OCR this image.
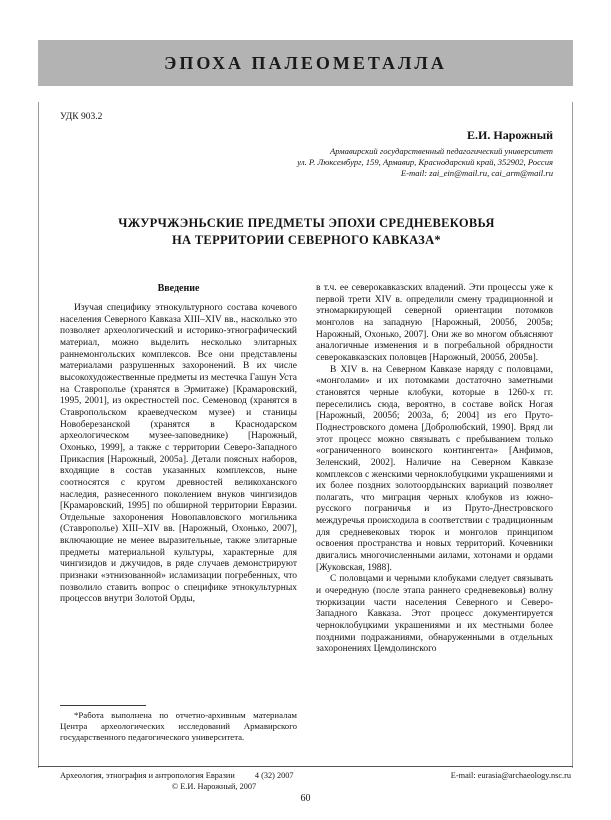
ЭПОХА ПАЛЕОМЕТАЛЛА
УДК 903.2
Е.И. Нарожный
Армавирский государственный педагогический университет
ул. Р. Люксембург, 159, Армавир, Краснодарский край, 352902, Россия
E-mail: zai_ein@mail.ru, cai_arm@mail.ru
ЧЖУРЧЖЭНЬСКИЕ ПРЕДМЕТЫ ЭПОХИ СРЕДНЕВЕКОВЬЯ
НА ТЕРРИТОРИИ СЕВЕРНОГО КАВКАЗА*
Введение

Изучая специфику этнокультурного состава кочевого населения Северного Кавказа XIII–XIV вв., насколько это позволяет археологический и историко-этнографический материал, можно выделить несколько элитарных раннемонгольских комплексов. Все они представлены материалами разрушенных захоронений. В их числе высокохудожественные предметы из местечка Гашун Уста на Ставрополье (хранятся в Эрмитаже) [Крамаровский, 1995, 2001], из окрестностей пос. Семеновод (хранятся в Ставропольском краеведческом музее) и станицы Новоберезанской (хранятся в Краснодарском археологическом музее-заповеднике) [Нарожный, Охонько, 1999], а также с территории Северо-Западного Прикаспия [Нарожный, 2005а]. Детали поясных наборов, входящие в состав указанных комплексов, ныне соотносятся с кругом древностей великоханского наследия, разнесенного поколением внуков чингизидов [Крамаровский, 1995] по обширной территории Евразии. Отдельные захоронения Новопавловского могильника (Ставрополье) XIII–XIV вв. [Нарожный, Охонько, 2007], включающие не менее выразительные, также элитарные предметы материальной культуры, характерные для чингизидов и джучидов, в ряде случаев демонстрируют признаки «этнизованной» исламизации погребенных, что позволило ставить вопрос о специфике этнокультурных процессов внутри Золотой Орды,

*Работа выполнена по отчетно-архивным материалам Центра археологических исследований Армавирского государственного педагогического университета.

в т.ч. ее северокавказских владений. Эти процессы уже к первой трети XIV в. определили смену традиционной и этномаркирующей северной ориентации потомков монголов на западную [Нарожный, 2005б, 2005в; Нарожный, Охонько, 2007]. Они же во многом объясняют аналогичные изменения и в погребальной обрядности северокавказских половцев [Нарожный, 2005б, 2005в].

В XIV в. на Северном Кавказе наряду с половцами, «монголами» и их потомками достаточно заметными становятся черные клобуки, которые в 1260-х гг. переселились сюда, вероятно, в составе войск Ногая [Нарожный, 2005б; 2003а, б; 2004] из его Пруто-Поднестровского домена [Добролюбский, 1990]. Вряд ли этот процесс можно связывать с пребыванием только «ограниченного воинского контингента» [Анфимов, Зеленский, 2002]. Наличие на Северном Кавказе комплексов с женскими черноклобуцкими украшениями и их более поздних золотоордынских вариаций позволяет полагать, что миграция черных клобуков из южно-русского пограничья и из Пруто-Днестровского междуречья происходила в соответствии с традиционным для средневековых тюрок и монголов принципом освоения пространства и новых территорий. Кочевники двигались многочисленными аилами, хотонами и ордами [Жуковская, 1988].

С половцами и черными клобуками следует связывать и очередную (после этапа раннего средневековья) волну тюркизации части населения Северного и Северо-Западного Кавказа. Этот процесс документируется черноклобуцкими украшениями и их местными более поздними подражаниями, обнаруженными в отдельных захоронениях Цемдолинского

Археология, этнография и антропология Евразии 4 (32) 2007	E-mail: eurasia@archaeology.nsc.ru
© Е.И. Нарожный, 2007
60
